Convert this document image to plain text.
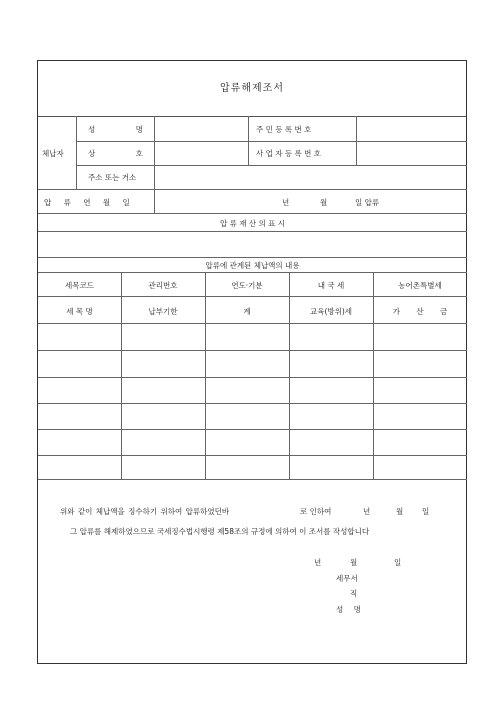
압류해제조서
체납자
성 명	주 민 등 록 번 호
상 호	사 업 자 등 록 번 호
주소 또는 거소
압 류 연 월 일	년	월	일 압류
압 류 재 산 의 표 시
압류에 관계된 체납액의 내용
세목코드	관리번호	연도·기분	내 국 세	농어촌특별세
세 목 명	납부기한	계	교육(방위)세	가 산 금
위와 같이 체납액을 징수하기 위하여 압류하였던바	로 인하여	년	월	일
그 압류를 해제하였으므로 국세징수법시행령 제58조의 규정에 의하여 이 조서를 작성합니다
년	월	일
세무서
직
성 명
